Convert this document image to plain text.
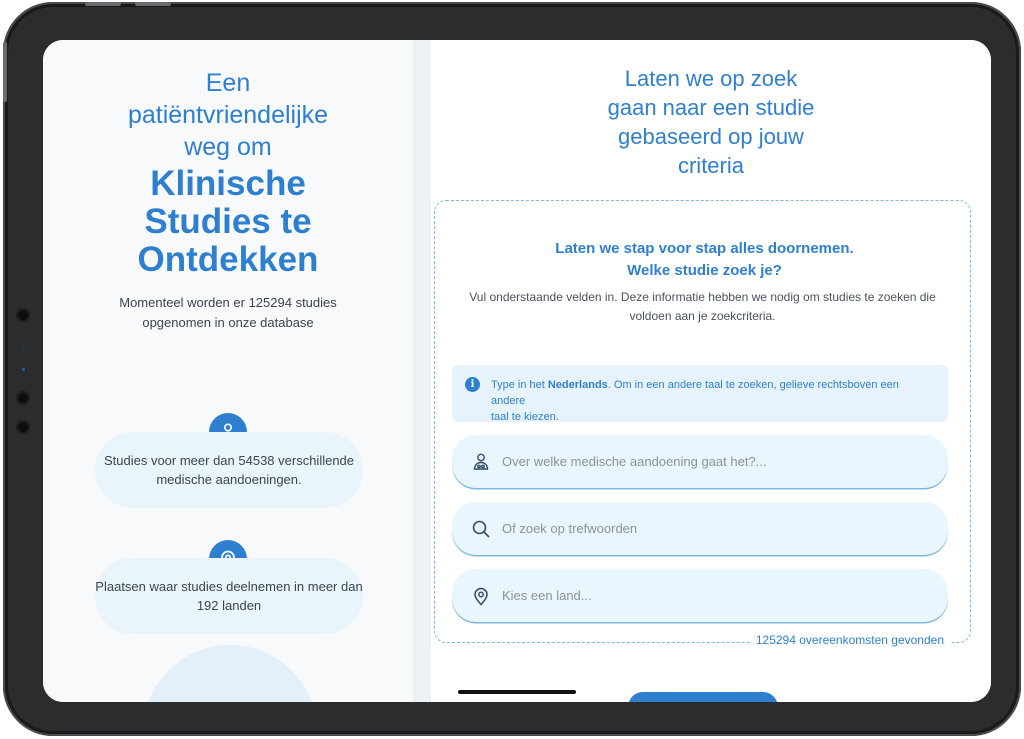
Een
patiëntvriendelijke
weg om
Klinische
Studies te
Ontdekken
Momenteel worden er 125294 studies
opgenomen in onze database
Studies voor meer dan 54538 verschillende
medische aandoeningen.
Plaatsen waar studies deelnemen in meer dan
192 landen
Laten we op zoek
gaan naar een studie
gebaseerd op jouw
criteria
Laten we stap voor stap alles doornemen.
Welke studie zoek je?
Vul onderstaande velden in. Deze informatie hebben we nodig om studies te zoeken die
voldoen aan je zoekcriteria.
i	Type in het Nederlands. Om in een andere taal te zoeken, gelieve rechtsboven een andere
taal te kiezen.
Over welke medische aandoening gaat het?...
Of zoek op trefwoorden
Kies een land...
125294 overeenkomsten gevonden
